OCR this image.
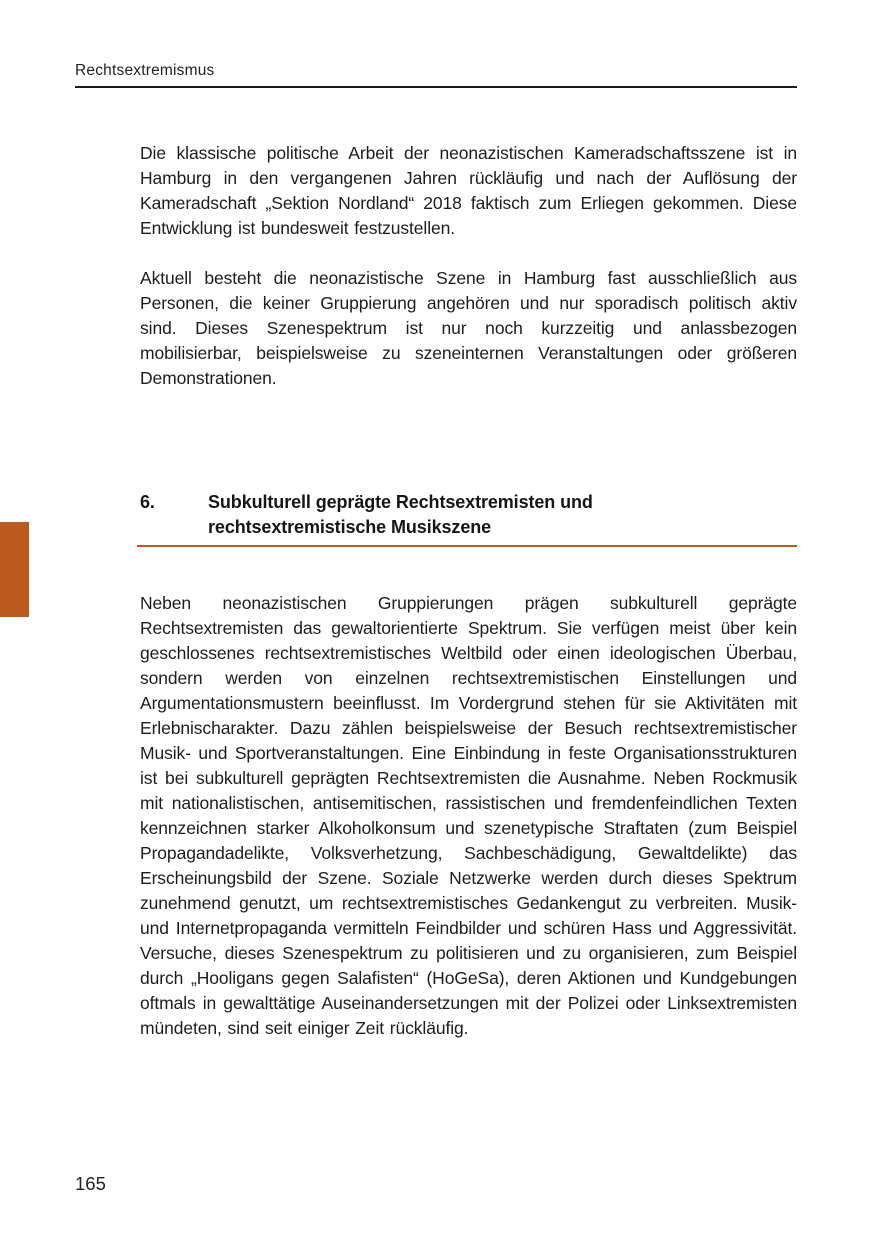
Rechtsextremismus

Die klassische politische Arbeit der neonazistischen Kameradschaftsszene ist in Hamburg in den vergangenen Jahren rückläufig und nach der Auflösung der Kameradschaft „Sektion Nordland“ 2018 faktisch zum Erliegen gekommen. Diese Entwicklung ist bundesweit festzustellen.

Aktuell besteht die neonazistische Szene in Hamburg fast ausschließlich aus Personen, die keiner Gruppierung angehören und nur sporadisch politisch aktiv sind. Dieses Szenespektrum ist nur noch kurzzeitig und anlassbezogen mobilisierbar, beispielsweise zu szeneinternen Veranstaltungen oder größeren Demonstrationen.

6.	Subkulturell geprägte Rechtsextremisten und rechtsextremistische Musikszene

Neben neonazistischen Gruppierungen prägen subkulturell geprägte Rechtsextremisten das gewaltorientierte Spektrum. Sie verfügen meist über kein geschlossenes rechtsextremistisches Weltbild oder einen ideologischen Überbau, sondern werden von einzelnen rechtsextremistischen Einstellungen und Argumentationsmustern beeinflusst. Im Vordergrund stehen für sie Aktivitäten mit Erlebnischarakter. Dazu zählen beispielsweise der Besuch rechtsextremistischer Musik- und Sportveranstaltungen. Eine Einbindung in feste Organisationsstrukturen ist bei subkulturell geprägten Rechtsextremisten die Ausnahme. Neben Rockmusik mit nationalistischen, antisemitischen, rassistischen und fremdenfeindlichen Texten kennzeichnen starker Alkoholkonsum und szenetypische Straftaten (zum Beispiel Propagandadelikte, Volksverhetzung, Sachbeschädigung, Gewaltdelikte) das Erscheinungsbild der Szene. Soziale Netzwerke werden durch dieses Spektrum zunehmend genutzt, um rechtsextremistisches Gedankengut zu verbreiten. Musik- und Internetpropaganda vermitteln Feindbilder und schüren Hass und Aggressivität. Versuche, dieses Szenespektrum zu politisieren und zu organisieren, zum Beispiel durch „Hooligans gegen Salafisten“ (HoGeSa), deren Aktionen und Kundgebungen oftmals in gewalttätige Auseinandersetzungen mit der Polizei oder Linksextremisten mündeten, sind seit einiger Zeit rückläufig.

165
